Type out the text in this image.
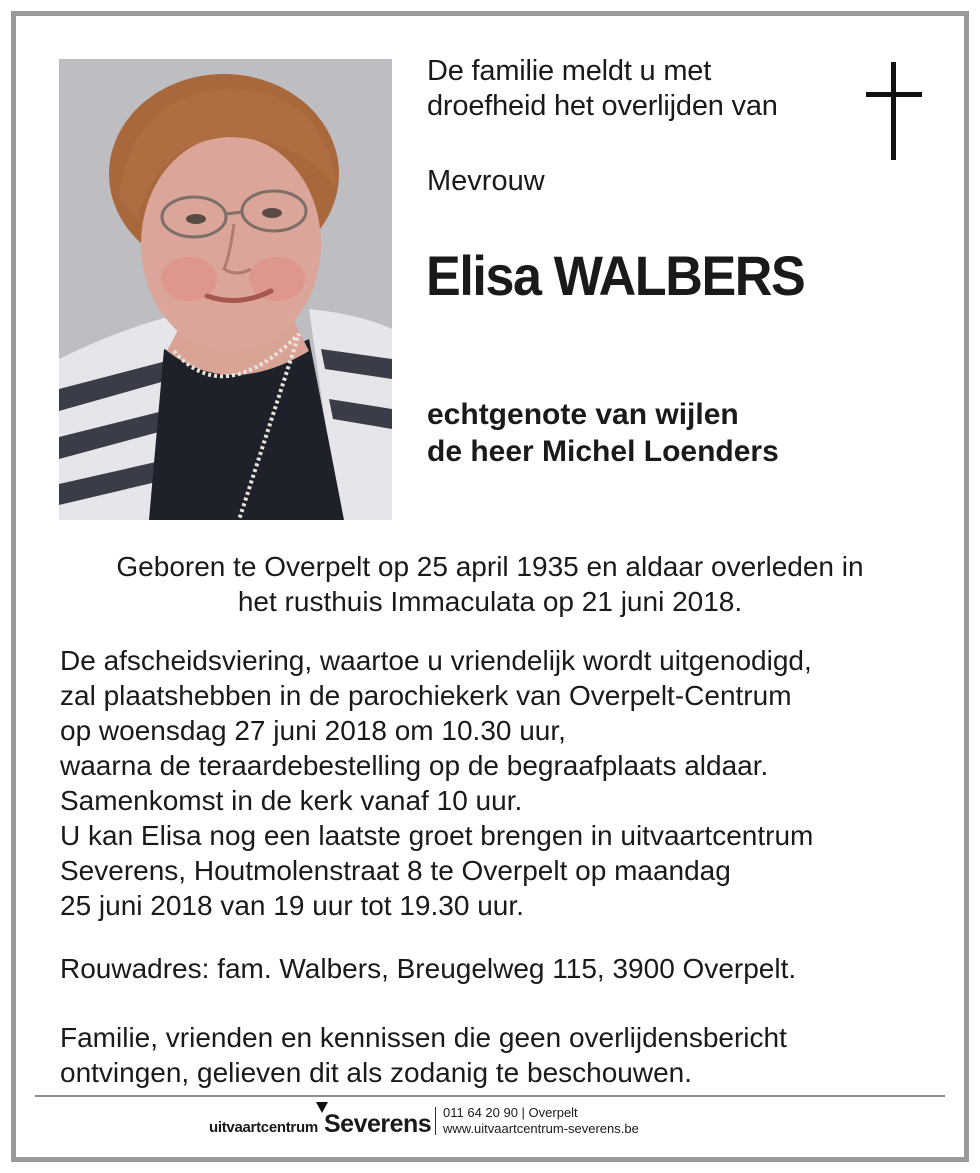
De familie meldt u met
droefheid het overlijden van
Mevrouw
Elisa WALBERS
echtgenote van wijlen
de heer Michel Loenders
Geboren te Overpelt op 25 april 1935 en aldaar overleden in
het rusthuis Immaculata op 21 juni 2018.
De afscheidsviering, waartoe u vriendelijk wordt uitgenodigd,
zal plaatshebben in de parochiekerk van Overpelt-Centrum
op woensdag 27 juni 2018 om 10.30 uur,
waarna de teraardebestelling op de begraafplaats aldaar.
Samenkomst in de kerk vanaf 10 uur.
U kan Elisa nog een laatste groet brengen in uitvaartcentrum
Severens, Houtmolenstraat 8 te Overpelt op maandag
25 juni 2018 van 19 uur tot 19.30 uur.
Rouwadres: fam. Walbers, Breugelweg 115, 3900 Overpelt.
Familie, vrienden en kennissen die geen overlijdensbericht
ontvingen, gelieven dit als zodanig te beschouwen.
uitvaartcentrum Severens 011 64 20 90 | Overpelt
www.uitvaartcentrum-severens.be
